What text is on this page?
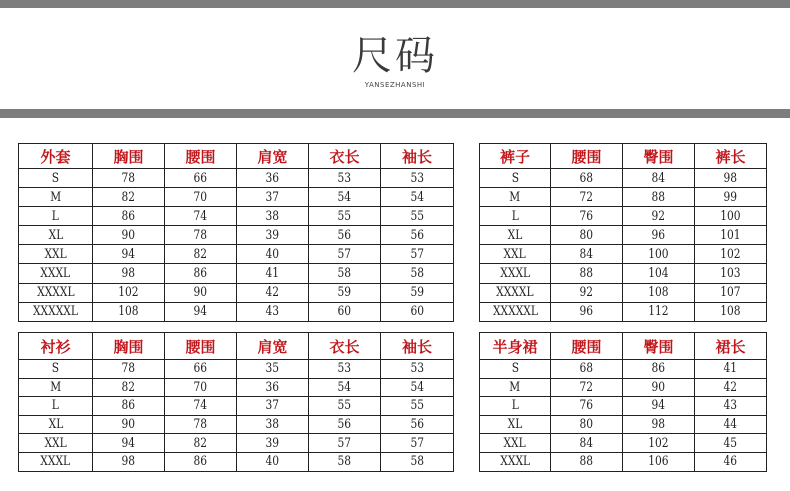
尺码
YANSEZHANSHI
外套	胸围	腰围	肩宽	衣长	袖长
S	78	66	36	53	53
M	82	70	37	54	54
L	86	74	38	55	55
XL	90	78	39	56	56
XXL	94	82	40	57	57
XXXL	98	86	41	58	58
XXXXL	102	90	42	59	59
XXXXXL	108	94	43	60	60
裤子	腰围	臀围	裤长
S	68	84	98
M	72	88	99
L	76	92	100
XL	80	96	101
XXL	84	100	102
XXXL	88	104	103
XXXXL	92	108	107
XXXXXL	96	112	108
衬衫	胸围	腰围	肩宽	衣长	袖长
S	78	66	35	53	53
M	82	70	36	54	54
L	86	74	37	55	55
XL	90	78	38	56	56
XXL	94	82	39	57	57
XXXL	98	86	40	58	58
半身裙	腰围	臀围	裙长
S	68	86	41
M	72	90	42
L	76	94	43
XL	80	98	44
XXL	84	102	45
XXXL	88	106	46
